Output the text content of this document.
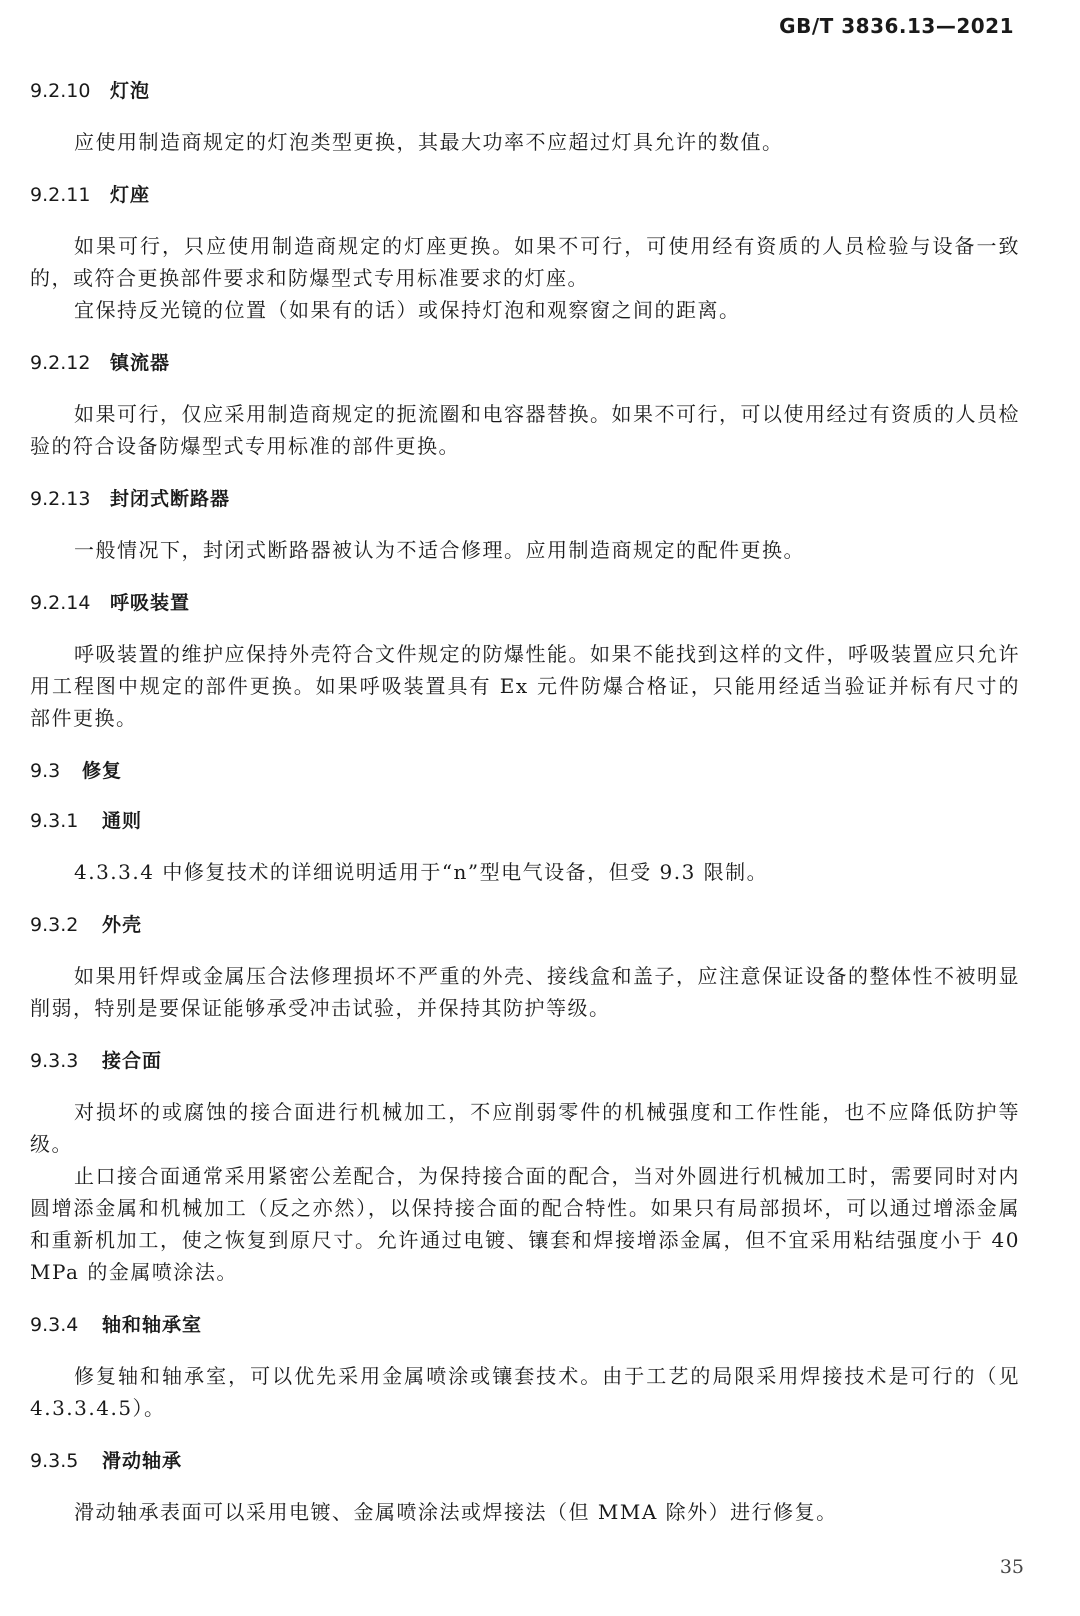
GB/T 3836.13—2021
9.2.10	灯泡

应使用制造商规定的灯泡类型更换，其最大功率不应超过灯具允许的数值。

9.2.11	灯座

如果可行，只应使用制造商规定的灯座更换。如果不可行，可使用经有资质的人员检验与设备一致的，或符合更换部件要求和防爆型式专用标准要求的灯座。

宜保持反光镜的位置（如果有的话）或保持灯泡和观察窗之间的距离。

9.2.12	镇流器

如果可行，仅应采用制造商规定的扼流圈和电容器替换。如果不可行，可以使用经过有资质的人员检验的符合设备防爆型式专用标准的部件更换。

9.2.13	封闭式断路器

一般情况下，封闭式断路器被认为不适合修理。应用制造商规定的配件更换。

9.2.14	呼吸装置

呼吸装置的维护应保持外壳符合文件规定的防爆性能。如果不能找到这样的文件，呼吸装置应只允许用工程图中规定的部件更换。如果呼吸装置具有 Ex 元件防爆合格证，只能用经适当验证并标有尺寸的部件更换。

9.3	修复
9.3.1	通则

4.3.3.4 中修复技术的详细说明适用于“n”型电气设备，但受 9.3 限制。

9.3.2	外壳

如果用钎焊或金属压合法修理损坏不严重的外壳、接线盒和盖子，应注意保证设备的整体性不被明显削弱，特别是要保证能够承受冲击试验，并保持其防护等级。

9.3.3	接合面

对损坏的或腐蚀的接合面进行机械加工，不应削弱零件的机械强度和工作性能，也不应降低防护等级。

止口接合面通常采用紧密公差配合，为保持接合面的配合，当对外圆进行机械加工时，需要同时对内圆增添金属和机械加工（反之亦然），以保持接合面的配合特性。如果只有局部损坏，可以通过增添金属和重新机加工，使之恢复到原尺寸。允许通过电镀、镶套和焊接增添金属，但不宜采用粘结强度小于 40 MPa 的金属喷涂法。

9.3.4	轴和轴承室

修复轴和轴承室，可以优先采用金属喷涂或镶套技术。由于工艺的局限采用焊接技术是可行的（见 4.3.3.4.5）。

9.3.5	滑动轴承

滑动轴承表面可以采用电镀、金属喷涂法或焊接法（但 MMA 除外）进行修复。

35
